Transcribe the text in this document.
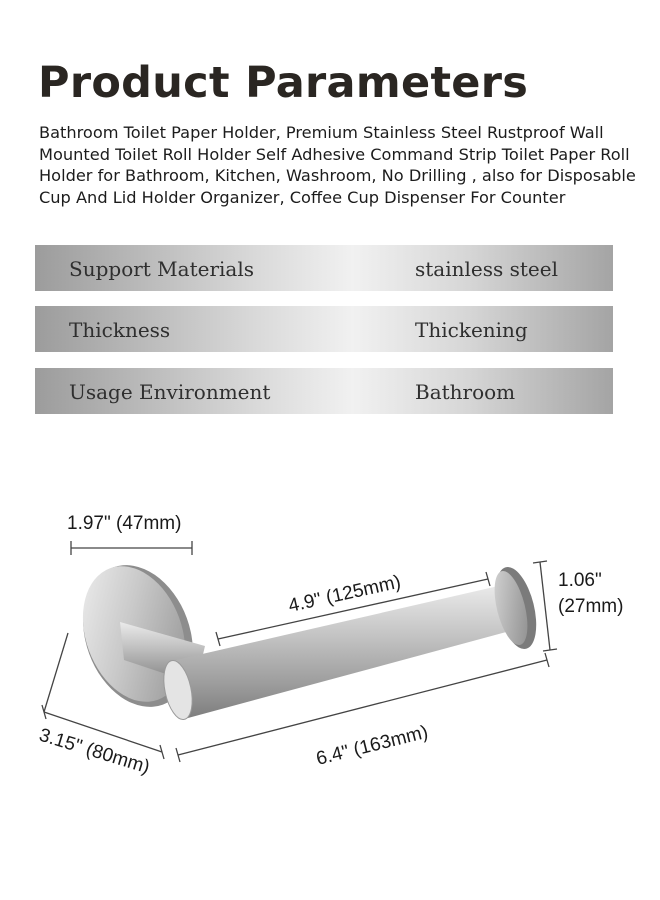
Product Parameters
Bathroom Toilet Paper Holder, Premium Stainless Steel Rustproof Wall Mounted Toilet Roll Holder Self Adhesive Command Strip Toilet Paper Roll Holder for Bathroom, Kitchen, Washroom, No Drilling , also for Disposable Cup And Lid Holder Organizer, Coffee Cup Dispenser For Counter
Support Materials	stainless steel
Thickness	Thickening
Usage Environment	Bathroom
1.97" (47mm)
4.9" (125mm)	1.06"
(27mm)
3.15" (80mm)	6.4" (163mm)
